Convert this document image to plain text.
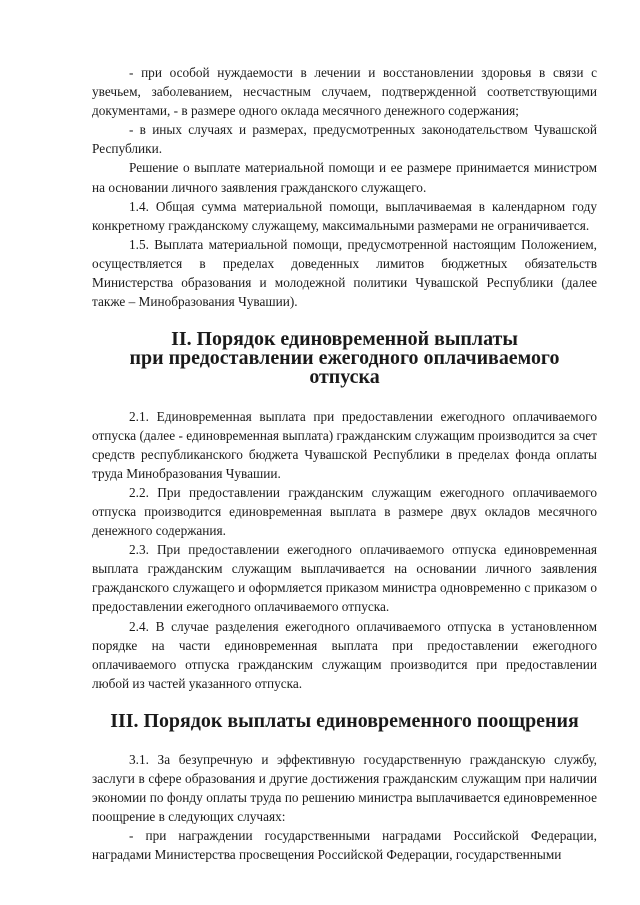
- при особой нуждаемости в лечении и восстановлении здоровья в связи с увечьем, заболеванием, несчастным случаем, подтвержденной соответствующими документами, - в размере одного оклада месячного денежного содержания;

- в иных случаях и размерах, предусмотренных законодательством Чувашской Республики.

Решение о выплате материальной помощи и ее размере принимается министром на основании личного заявления гражданского служащего.

1.4. Общая сумма материальной помощи, выплачиваемая в календарном году конкретному гражданскому служащему, максимальными размерами не ограничивается.

1.5. Выплата материальной помощи, предусмотренной настоящим Положением, осуществляется в пределах доведенных лимитов бюджетных обязательств Министерства образования и молодежной политики Чувашской Республики (далее также – Минобразования Чувашии).

II. Порядок единовременной выплаты
при предоставлении ежегодного оплачиваемого отпуска

2.1. Единовременная выплата при предоставлении ежегодного оплачиваемого отпуска (далее - единовременная выплата) гражданским служащим производится за счет средств республиканского бюджета Чувашской Республики в пределах фонда оплаты труда Минобразования Чувашии.

2.2. При предоставлении гражданским служащим ежегодного оплачиваемого отпуска производится единовременная выплата в размере двух окладов месячного денежного содержания.

2.3. При предоставлении ежегодного оплачиваемого отпуска единовременная выплата гражданским служащим выплачивается на основании личного заявления гражданского служащего и оформляется приказом министра одновременно с приказом о предоставлении ежегодного оплачиваемого отпуска.

2.4. В случае разделения ежегодного оплачиваемого отпуска в установленном порядке на части единовременная выплата при предоставлении ежегодного оплачиваемого отпуска гражданским служащим производится при предоставлении любой из частей указанного отпуска.

III. Порядок выплаты единовременного поощрения

3.1. За безупречную и эффективную государственную гражданскую службу, заслуги в сфере образования и другие достижения гражданским служащим при наличии экономии по фонду оплаты труда по решению министра выплачивается единовременное поощрение в следующих случаях:

- при награждении государственными наградами Российской Федерации, наградами Министерства просвещения Российской Федерации, государственными
